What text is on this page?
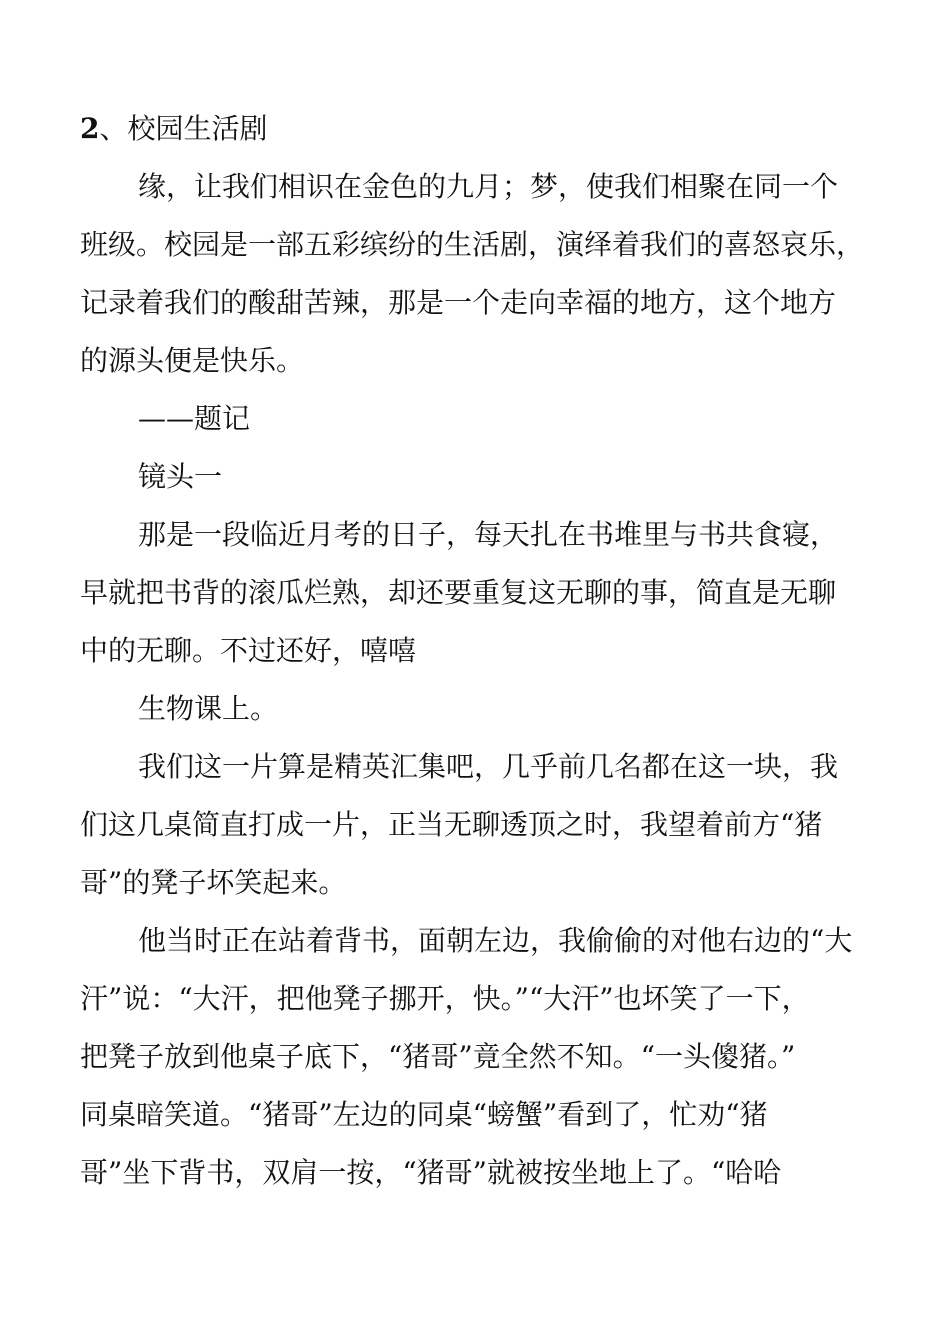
2、校园生活剧

缘，让我们相识在金色的九月；梦，使我们相聚在同一个
班级。校园是一部五彩缤纷的生活剧，演绎着我们的喜怒哀乐，
记录着我们的酸甜苦辣，那是一个走向幸福的地方，这个地方
的源头便是快乐。
——题记
镜头一
那是一段临近月考的日子，每天扎在书堆里与书共食寝，
早就把书背的滚瓜烂熟，却还要重复这无聊的事，简直是无聊
中的无聊。不过还好，嘻嘻
生物课上。
我们这一片算是精英汇集吧，几乎前几名都在这一块，我
们这几桌简直打成一片，正当无聊透顶之时，我望着前方“猪
哥”的凳子坏笑起来。
他当时正在站着背书，面朝左边，我偷偷的对他右边的“大
汗”说：“大汗，把他凳子挪开，快。”“大汗”也坏笑了一下，
把凳子放到他桌子底下，“猪哥”竟全然不知。“一头傻猪。”
同桌暗笑道。“猪哥”左边的同桌“螃蟹”看到了，忙劝“猪
哥”坐下背书，双肩一按，“猪哥”就被按坐地上了。“哈哈
